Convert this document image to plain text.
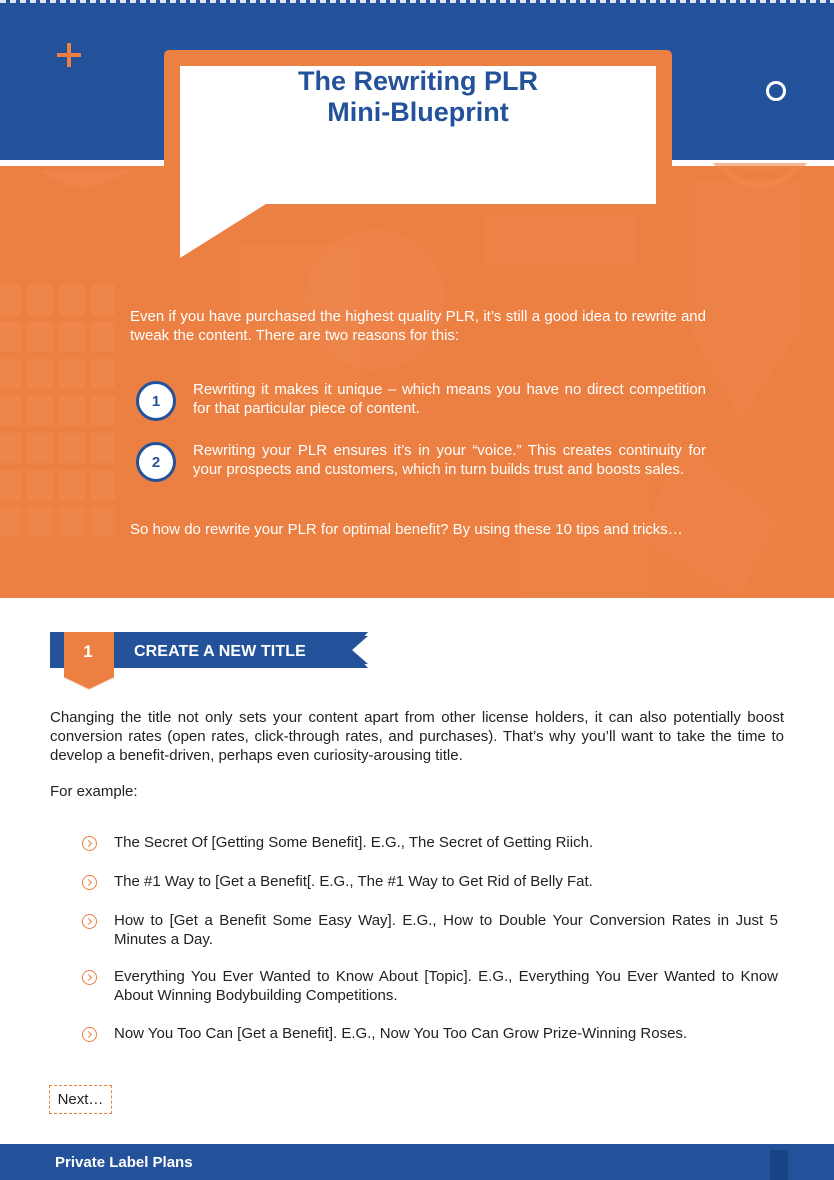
The Rewriting PLR
Mini-Blueprint

Even if you have purchased the highest quality PLR, it’s still a good idea to rewrite and tweak the content. There are two reasons for this:

1

Rewriting it makes it unique – which means you have no direct competition for that particular piece of content.

2

Rewriting your PLR ensures it’s in your “voice.” This creates continuity for your prospects and customers, which in turn builds trust and boosts sales.

So how do rewrite your PLR for optimal benefit? By using these 10 tips and tricks…

1	CREATE A NEW TITLE

Changing the title not only sets your content apart from other license holders, it can also potentially boost conversion rates (open rates, click-through rates, and purchases). That’s why you’ll want to take the time to develop a benefit-driven, perhaps even curiosity-arousing title.

For example:

The Secret Of [Getting Some Benefit]. E.G., The Secret of Getting Riich.

The #1 Way to [Get a Benefit[. E.G., The #1 Way to Get Rid of Belly Fat.

How to [Get a Benefit Some Easy Way]. E.G., How to Double Your Conversion Rates in Just 5 Minutes a Day.

Everything You Ever Wanted to Know About [Topic]. E.G., Everything You Ever Wanted to Know About Winning Bodybuilding Competitions.

Now You Too Can [Get a Benefit]. E.G., Now You Too Can Grow Prize-Winning Roses.

Next…
Private Label Plans
